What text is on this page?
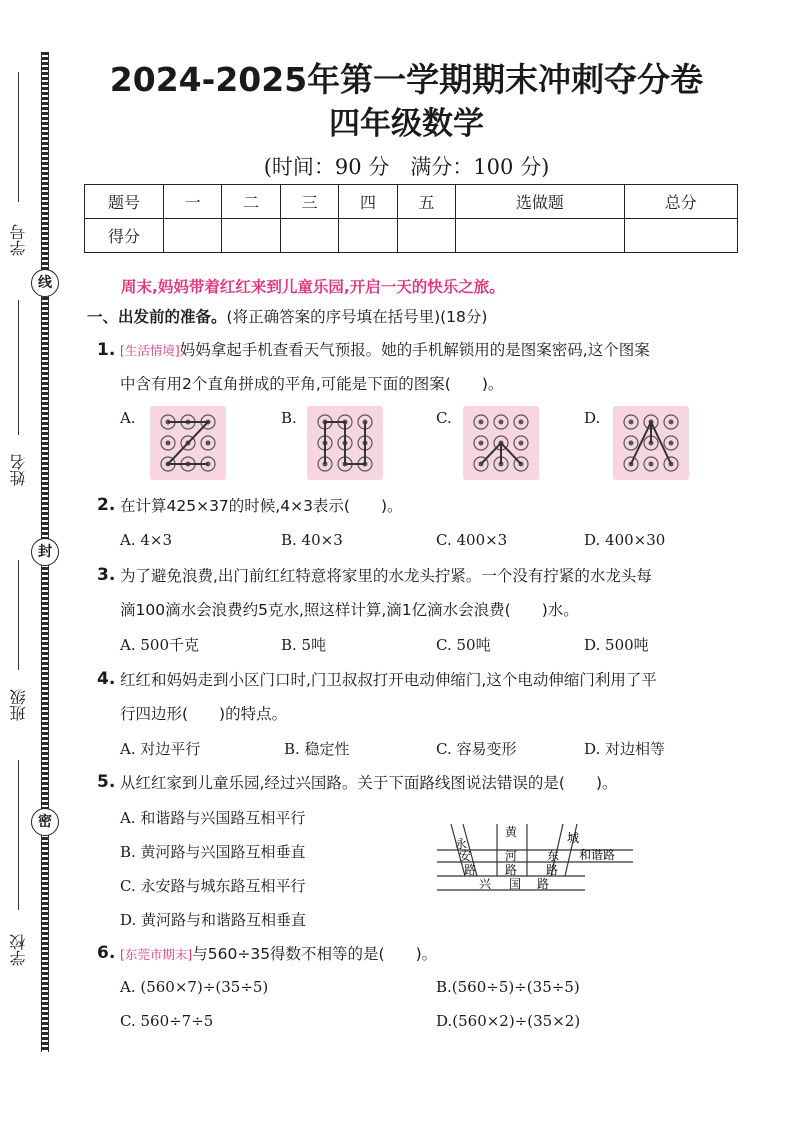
线
封
密
学号
姓名
班级
学校
2024-2025年第一学期期末冲刺夺分卷
四年级数学
(时间：90 分　满分：100 分)
题号	一	二	三	四	五	选做题	总分
得分							
周末,妈妈带着红红来到儿童乐园,开启一天的快乐之旅。
一、出发前的准备。(将正确答案的序号填在括号里)(18分)
1. [生活情境]妈妈拿起手机查看天气预报。她的手机解锁用的是图案密码,这个图案
中含有用2个直角拼成的平角,可能是下面的图案(　　)。
A.	B.	C.	D.
2. 在计算425×37的时候,4×3表示(　　)。
A. 4×3	B. 40×3	C. 400×3	D. 400×30
3. 为了避免浪费,出门前红红特意将家里的水龙头拧紧。一个没有拧紧的水龙头每
滴100滴水会浪费约5克水,照这样计算,滴1亿滴水会浪费(　　)水。
A. 500千克	B. 5吨	C. 50吨	D. 500吨
4. 红红和妈妈走到小区门口时,门卫叔叔打开电动伸缩门,这个电动伸缩门利用了平
行四边形(　　)的特点。
A. 对边平行	B. 稳定性	C. 容易变形	D. 对边相等
5. 从红红家到儿童乐园,经过兴国路。关于下面路线图说法错误的是(　　)。
A. 和谐路与兴国路互相平行
B. 黄河路与兴国路互相垂直
C. 永安路与城东路互相平行
D. 黄河路与和谐路互相垂直
永
安
路
黄
河
路
城
东
路
和谐路
兴 国 路
6. [东莞市期末]与560÷35得数不相等的是(　　)。
A. (560×7)÷(35÷5)	B.(560÷5)÷(35÷5)
C. 560÷7÷5	D.(560×2)÷(35×2)
